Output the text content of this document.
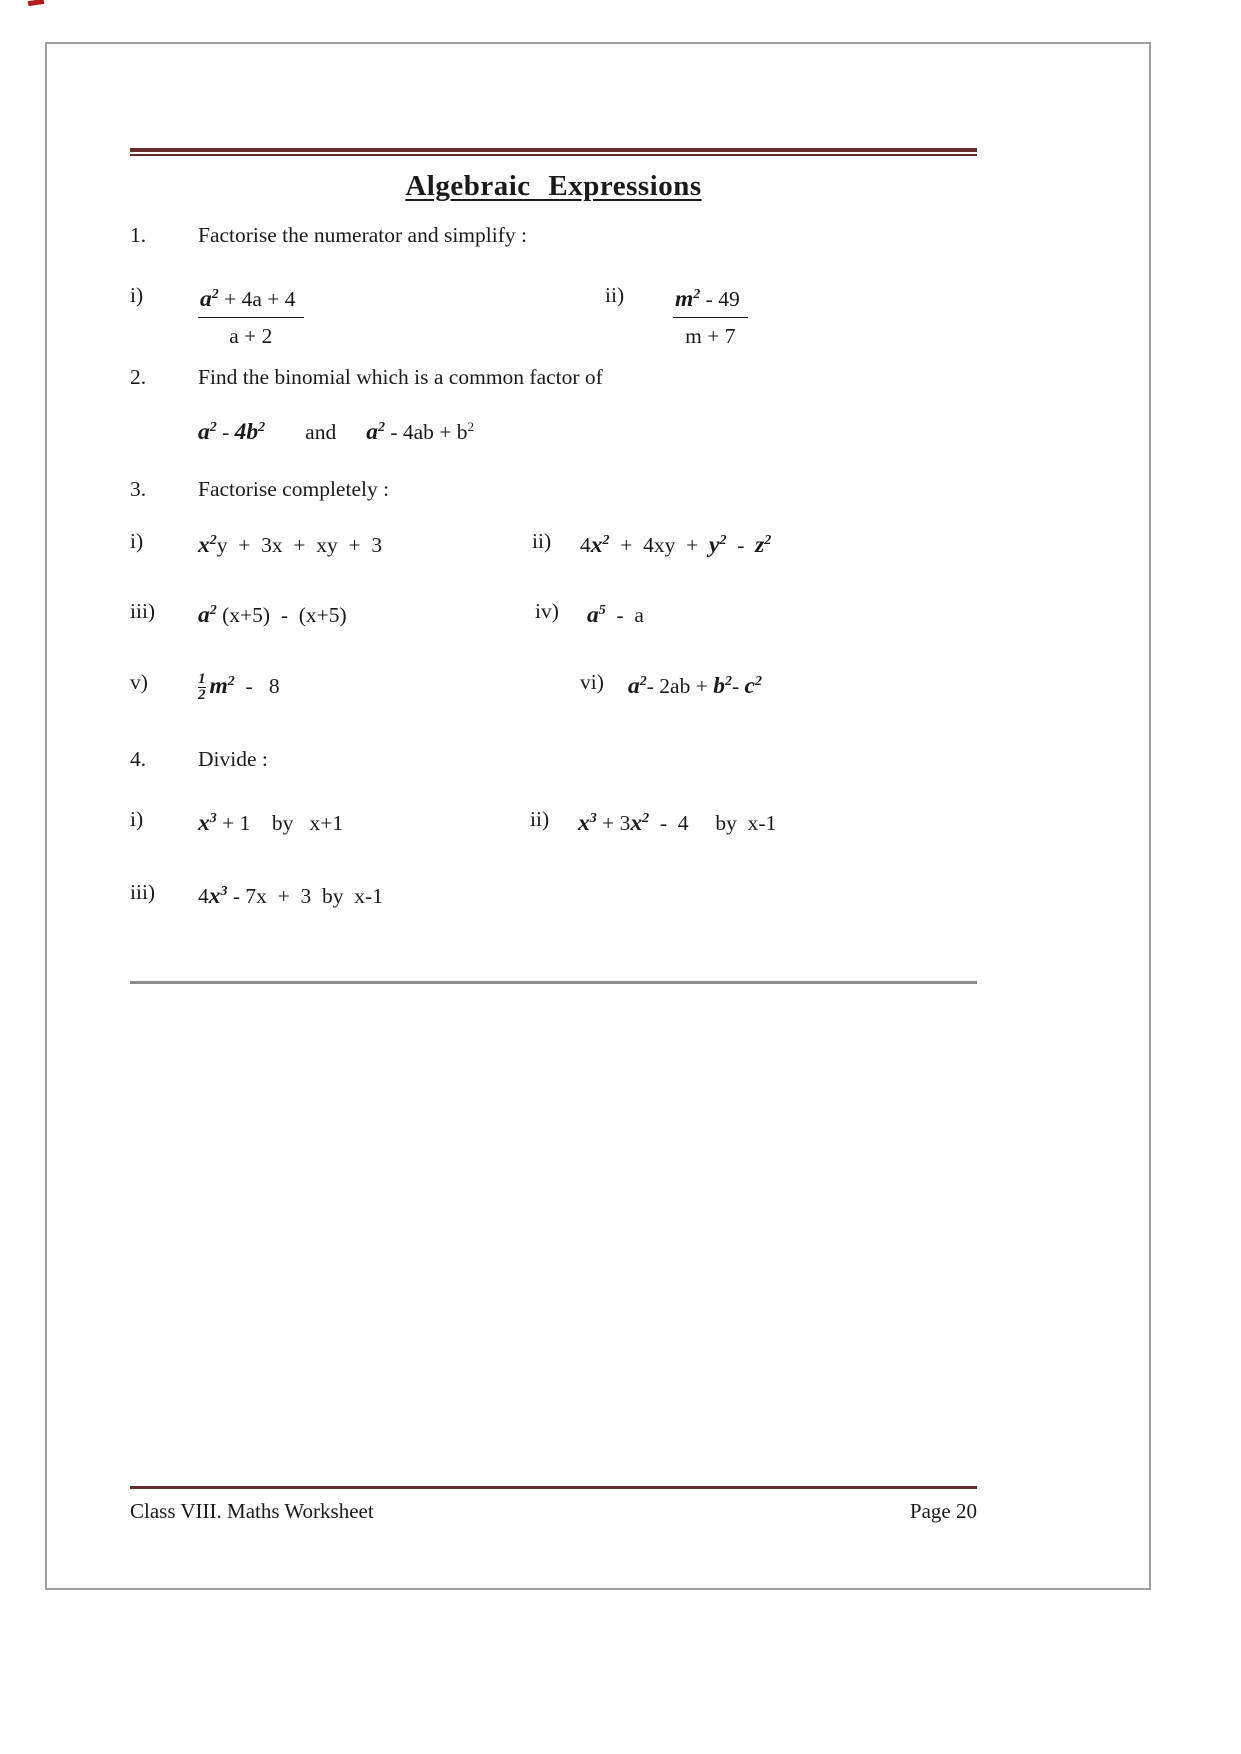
Algebraic Expressions
1.	Factorise the numerator and simplify :
i)	$\frac{a^2 + 4a + 4}{a + 2}$	ii)	$\frac{m^2 - 49}{m + 7}$
2.	Find the binomial which is a common factor of
$a^2 - 4b^2$ and $a^2 - 4ab + b^2$
3.	Factorise completely :
i)	$x^2y + 3x$  +  xy  +  3	ii)	$4x^2 + 4xy + y^2 - z^2$
iii)	$a^2$ (x+5)  -  (x+5)	iv)	$a^5$  -  a
v)	$\frac{1}{2} m^2 - 8$	vi)	$a^2-$ $2ab + b^2-$ $c^2$
4.	Divide :
i)	$x^3 + 1$    by   x+1	ii)	$x^3 + 3x^2 - 4$     by  x-1
iii)	$4x^3 - 7x + 3$  by  x-1
Class VIII. Maths Worksheet	Page 20
